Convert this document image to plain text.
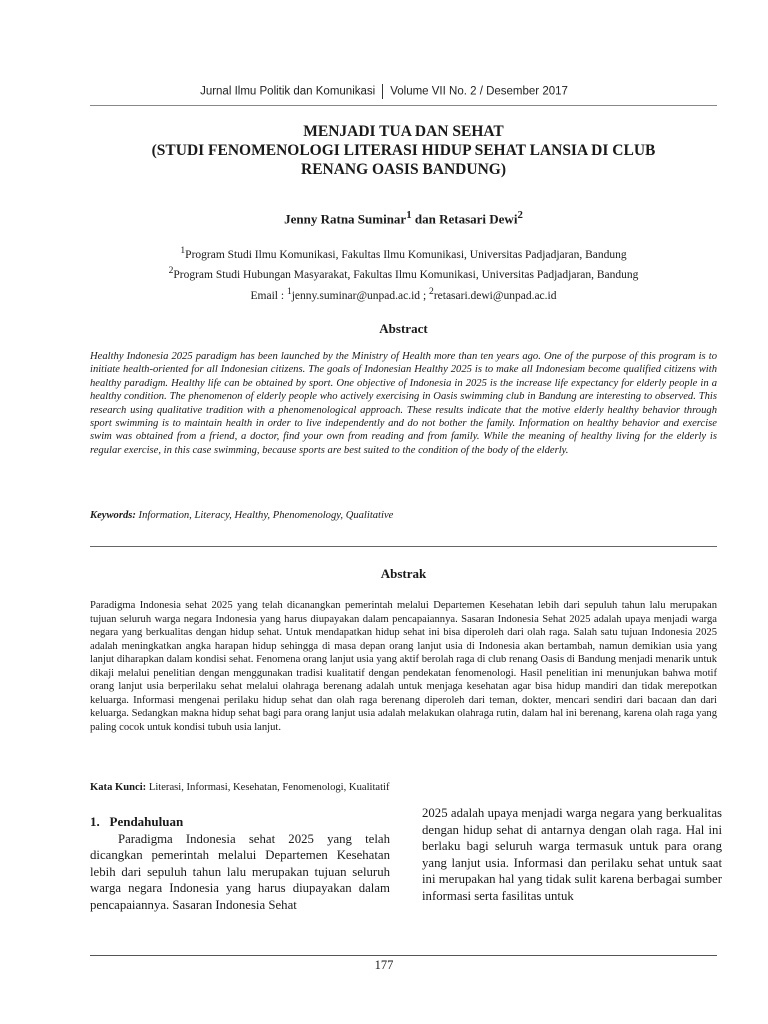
Jurnal Ilmu Politik dan Komunikasi Volume VII No. 2 / Desember 2017
MENJADI TUA DAN SEHAT
(STUDI FENOMENOLOGI LITERASI HIDUP SEHAT LANSIA DI CLUB
RENANG OASIS BANDUNG)
Jenny Ratna Suminar$^1$ dan Retasari Dewi$^2$
$^1$Program Studi Ilmu Komunikasi, Fakultas Ilmu Komunikasi, Universitas Padjadjaran, Bandung
$^2$Program Studi Hubungan Masyarakat, Fakultas Ilmu Komunikasi, Universitas Padjadjaran, Bandung
Email : $^1$jenny.suminar@unpad.ac.id ; $^2$retasari.dewi@unpad.ac.id
Abstract
Healthy Indonesia 2025 paradigm has been launched by the Ministry of Health more than ten years ago. One of the purpose of this program is to initiate health-oriented for all Indonesian citizens. The goals of Indonesian Healthy 2025 is to make all Indonesiam become qualified citizens with healthy paradigm. Healthy life can be obtained by sport. One objective of Indonesia in 2025 is the increase life expectancy for elderly people in a healthy condition. The phenomenon of elderly people who actively exercising in Oasis swimming club in Bandung are interesting to observed. This research using qualitative tradition with a phenomenological approach. These results indicate that the motive elderly healthy behavior through sport swimming is to maintain health in order to live independently and do not bother the family. Information on healthy behavior and exercise swim was obtained from a friend, a doctor, find your own from reading and from family. While the meaning of healthy living for the elderly is regular exercise, in this case swimming, because sports are best suited to the condition of the body of the elderly.
Keywords: Information, Literacy, Healthy, Phenomenology, Qualitative
Abstrak
Paradigma Indonesia sehat 2025 yang telah dicanangkan pemerintah melalui Departemen Kesehatan lebih dari sepuluh tahun lalu merupakan tujuan seluruh warga negara Indonesia yang harus diupayakan dalam pencapaiannya. Sasaran Indonesia Sehat 2025 adalah upaya menjadi warga negara yang berkualitas dengan hidup sehat. Untuk mendapatkan hidup sehat ini bisa diperoleh dari olah raga. Salah satu tujuan Indonesia 2025 adalah meningkatkan angka harapan hidup sehingga di masa depan orang lanjut usia di Indonesia akan bertambah, namun demikian usia yang lanjut diharapkan dalam kondisi sehat. Fenomena orang lanjut usia yang aktif berolah raga di club renang Oasis di Bandung menjadi menarik untuk dikaji melalui penelitian dengan menggunakan tradisi kualitatif dengan pendekatan fenomenologi. Hasil penelitian ini menunjukan bahwa motif orang lanjut usia berperilaku sehat melalui olahraga berenang adalah untuk menjaga kesehatan agar bisa hidup mandiri dan tidak merepotkan keluarga. Informasi mengenai perilaku hidup sehat dan olah raga berenang diperoleh dari teman, dokter, mencari sendiri dari bacaan dan dari keluarga. Sedangkan makna hidup sehat bagi para orang lanjut usia adalah melakukan olahraga rutin, dalam hal ini berenang, karena olah raga yang paling cocok untuk kondisi tubuh usia lanjut.
Kata Kunci: Literasi, Informasi, Kesehatan, Fenomenologi, Kualitatif
1. Pendahuluan

Paradigma Indonesia sehat 2025 yang telah dicangkan pemerintah melalui Departemen Kesehatan lebih dari sepuluh tahun lalu merupakan tujuan seluruh warga negara Indonesia yang harus diupayakan dalam pencapaiannya. Sasaran Indonesia Sehat

2025 adalah upaya menjadi warga negara yang berkualitas dengan hidup sehat di antarnya dengan olah raga. Hal ini berlaku bagi seluruh warga termasuk untuk para orang yang lanjut usia. Informasi dan perilaku sehat untuk saat ini merupakan hal yang tidak sulit karena berbagai sumber informasi serta fasilitas untuk

177
